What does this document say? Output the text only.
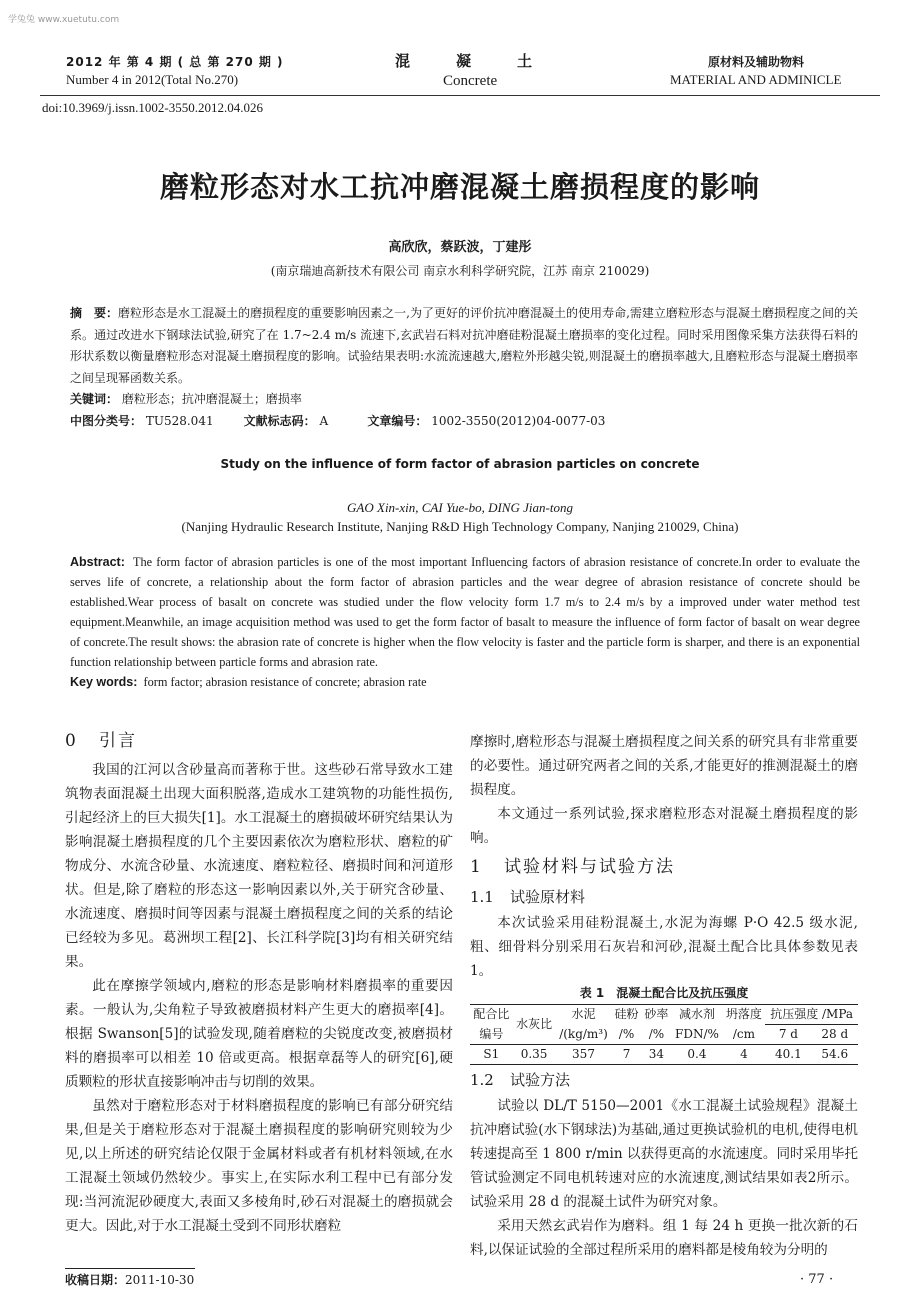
学兔兔 www.xuetutu.com
2012 年 第 4 期 ( 总 第 270 期 )
Number 4 in 2012(Total No.270)
混凝土
Concrete
原材料及辅助物料
MATERIAL AND ADMINICLE
doi:10.3969/j.issn.1002-3550.2012.04.026
磨粒形态对水工抗冲磨混凝土磨损程度的影响
高欣欣，蔡跃波，丁建彤
(南京瑞迪高新技术有限公司 南京水利科学研究院，江苏 南京 210029)
摘　要：磨粒形态是水工混凝土的磨损程度的重要影响因素之一,为了更好的评价抗冲磨混凝土的使用寿命,需建立磨粒形态与混凝土磨损程度之间的关系。通过改进水下钢球法试验,研究了在 1.7~2.4 m/s 流速下,玄武岩石料对抗冲磨硅粉混凝土磨损率的变化过程。同时采用图像采集方法获得石料的形状系数以衡量磨粒形态对混凝土磨损程度的影响。试验结果表明:水流流速越大,磨粒外形越尖锐,则混凝土的磨损率越大,且磨粒形态与混凝土磨损率之间呈现幂函数关系。
关键词： 磨粒形态；抗冲磨混凝土；磨损率
中图分类号： TU528.041	文献标志码： A	文章编号： 1002-3550(2012)04-0077-03
Study on the influence of form factor of abrasion particles on concrete
GAO Xin-xin, CAI Yue-bo, DING Jian-tong
(Nanjing Hydraulic Research Institute, Nanjing R&D High Technology Company, Nanjing 210029, China)
Abstract: The form factor of abrasion particles is one of the most important Influencing factors of abrasion resistance of concrete.In order to evaluate the serves life of concrete, a relationship about the form factor of abrasion particles and the wear degree of abrasion resistance of concrete should be established.Wear process of basalt on concrete was studied under the flow velocity form 1.7 m/s to 2.4 m/s by a improved under water method test equipment.Meanwhile, an image acquisition method was used to get the form factor of basalt to measure the influence of form factor of basalt on wear degree of concrete.The result shows: the abrasion rate of concrete is higher when the flow velocity is faster and the particle form is sharper, and there is an exponential function relationship between particle forms and abrasion rate.
Key words: form factor; abrasion resistance of concrete; abrasion rate
0 引言

我国的江河以含砂量高而著称于世。这些砂石常导致水工建筑物表面混凝土出现大面积脱落,造成水工建筑物的功能性损伤,引起经济上的巨大损失[1]。水工混凝土的磨损破坏研究结果认为影响混凝土磨损程度的几个主要因素依次为磨粒形状、磨粒的矿物成分、水流含砂量、水流速度、磨粒粒径、磨损时间和河道形状。但是,除了磨粒的形态这一影响因素以外,关于研究含砂量、水流速度、磨损时间等因素与混凝土磨损程度之间的关系的结论已经较为多见。葛洲坝工程[2]、长江科学院[3]均有相关研究结果。

此在摩擦学领域内,磨粒的形态是影响材料磨损率的重要因素。一般认为,尖角粒子导致被磨损材料产生更大的磨损率[4]。根据 Swanson[5]的试验发现,随着磨粒的尖锐度改变,被磨损材料的磨损率可以相差 10 倍或更高。根据章磊等人的研究[6],硬质颗粒的形状直接影响冲击与切削的效果。

虽然对于磨粒形态对于材料磨损程度的影响已有部分研究结果,但是关于磨粒形态对于混凝土磨损程度的影响研究则较为少见,以上所述的研究结论仅限于金属材料或者有机材料领域,在水工混凝土领域仍然较少。事实上,在实际水利工程中已有部分发现:当河流泥砂硬度大,表面又多棱角时,砂石对混凝土的磨损就会更大。因此,对于水工混凝土受到不同形状磨粒

摩擦时,磨粒形态与混凝土磨损程度之间关系的研究具有非常重要的必要性。通过研究两者之间的关系,才能更好的推测混凝土的磨损程度。

本文通过一系列试验,探求磨粒形态对混凝土磨损程度的影响。

1 试验材料与试验方法
1.1 试验原材料

本次试验采用硅粉混凝土,水泥为海螺 P·O 42.5 级水泥,粗、细骨料分别采用石灰岩和河砂,混凝土配合比具体参数见表 1。

表 1　混凝土配合比及抗压强度
配合比	水灰比	水泥	硅粉	砂率	减水剂	坍落度	抗压强度 /MPa	
编号		/(kg/m³)	/%	/%	FDN/%	/cm	7 d	28 d
S1	0.35	357	7	34	0.4	4	40.1	54.6
1.2 试验方法

试验以 DL/T 5150—2001《水工混凝土试验规程》混凝土抗冲磨试验(水下钢球法)为基础,通过更换试验机的电机,使得电机转速提高至 1 800 r/min 以获得更高的水流速度。同时采用毕托管试验测定不同电机转速对应的水流速度,测试结果如表2所示。试验采用 28 d 的混凝土试件为研究对象。

采用天然玄武岩作为磨料。组 1 每 24 h 更换一批次新的石料,以保证试验的全部过程所采用的磨料都是棱角较为分明的

收稿日期：2011-10-30	· 77 ·
